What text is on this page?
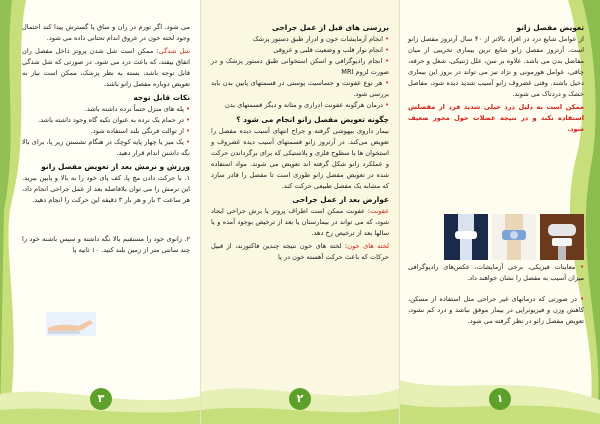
تعویض مفصل زانو
از عوامل شایع درد در افراد بالاتر از ۴۰ سال آرتروز مفصل زانو است. آرتروز مفصل زانو شایع ترین بیماری تخریبی از میان مفاصل بدن می باشد. علاوه بر سن، علل ژنتیکی، شغل و حرفه، چاقی، عوامل هورمونی و نژاد نیز می تواند در بروز این بیماری دخیل باشند. وقتی غضروف زانو آسیب شدید دیده شود، مفاصل خشک و دردناک می شوند.
ممکن است به دلیل درد خیلی شدید فرد از مفصلش استفاده نکند و در نتیجه عضلات حول محور ضعیف شود.
• معاینات فیزیکی، برخی آزمایشات، عکس‌های رادیوگرافی میزان آسیب به مفصل را نشان خواهند داد.
• در صورتی که درمانهای غیر جراحی مثل استفاده از مسکن، کاهش وزن و فیزیوتراپی در بیمار موفق نباشد و درد کم نشود، تعویض مفصل زانو در نظر گرفته می شود.
۱
بررسی های قبل از عمل جراحی
• انجام آزمایشات خون و ادرار طبق دستور پزشک
• انجام نوار قلب و وضعیت قلبی و عروقی
• انجام رادیوگرافی و اسکن استخوانی طبق دستور پزشک و در صورت لزوم MRI
• هر نوع عفونت و حساسیت پوستی در قسمتهای پایین بدن باید بررسی شود.
• درمان هرگونه عفونت ادراری و مثانه و دیگر قسمتهای بدن
چگونه تعویض مفصل زانو انجام می شود ؟
بیمار داروی بیهوشی گرفته و جراح انتهای آسیب دیده مفصل را تعویض می‌کند. در آرتروز زانو قسمتهای آسیب دیده غضروف و استخوان ها با سطوح فلزی و پلاستیکی که برای برگرداندن حرکت و عملکرد زانو شکل گرفته اند تعویض می شوند. مواد استفاده شده در تعویض مفصل زانو طوری است تا مفصل را قادر سازد که مشابه یک مفصل طبیعی حرکت کند.
عوارض بعد از عمل جراحی
عفونت: عفونت ممکن است اطراف پروتز یا برش جراحی ایجاد شود، که می تواند در بیمارستان یا بعد از ترخیص بوجود آمده و یا سالها بعد از ترخیص رخ دهد.
لخته های خون: لخته های خون نتیجه چندین فاکتورند، از قبیل حرکات که باعث حرکت آهسته خون در پا
۲
می شود. اگر تورم در ران و ساق پا گسترش پیدا کند احتمال وجود لخته خون در عروق اندام تحتانی داده می شود.
شل شدگی: ممکن است شل شدن پروتز داخل مفصل ران اتفاق بیفتد، که باعث درد می شود. در صورتی که شل شدگی قابل توجه باشد، بسته به نظر پزشک، ممکن است نیاز به تعویض دوباره مفصل زانو باشد.
نکات قابل توجه
• پله های منزل حتماً نرده داشته باشد.
• در حمام یک نرده به عنوان تکیه گاه وجود داشته باشد.
• از توالت فرنگی بلند استفاده شود.
• یک میز یا چهار پایه کوچک در هنگام نشستن زیر پا، برای بالا نگه داشتن اندام قرار دهید.
ورزش و نرمش بعد از تعویض مفصل زانو
۱. با حرکت دادن مچ پا، کف پای خود را به بالا و پایین ببرید. این نرمش را می توان بلافاصله بعد از عمل جراحی انجام داد، هر ساعت ۳ بار و هر بار ۳ دقیقه این حرکت را انجام دهید.
۲. زانوی خود را مستقیم بالا نگه داشته و سپس باشنه خود را چند سانتی متر از زمین بلند کنید. ۱۰ ثانیه پا
۳
